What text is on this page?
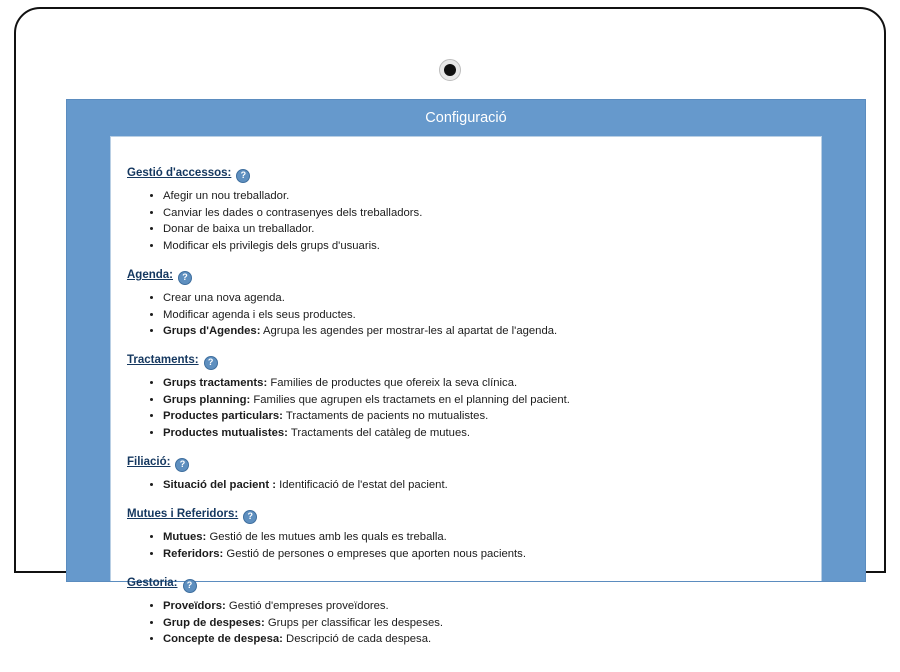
Configuració
Gestió d'accessos: ?
• Afegir un nou treballador.
• Canviar les dades o contrasenyes dels treballadors.
• Donar de baixa un treballador.
• Modificar els privilegis dels grups d'usuaris.
Agenda: ?
• Crear una nova agenda.
• Modificar agenda i els seus productes.
• Grups d'Agendes: Agrupa les agendes per mostrar-les al apartat de l'agenda.
Tractaments: ?
• Grups tractaments: Families de productes que ofereix la seva clínica.
• Grups planning: Families que agrupen els tractamets en el planning del pacient.
• Productes particulars: Tractaments de pacients no mutualistes.
• Productes mutualistes: Tractaments del catàleg de mutues.
Filiació: ?
• Situació del pacient : Identificació de l'estat del pacient.
Mutues i Referidors: ?
• Mutues: Gestió de les mutues amb les quals es treballa.
• Referidors: Gestió de persones o empreses que aporten nous pacients.
Gestoria: ?
• Proveïdors: Gestió d'empreses proveïdores.
• Grup de despeses: Grups per classificar les despeses.
• Concepte de despesa: Descripció de cada despesa.
